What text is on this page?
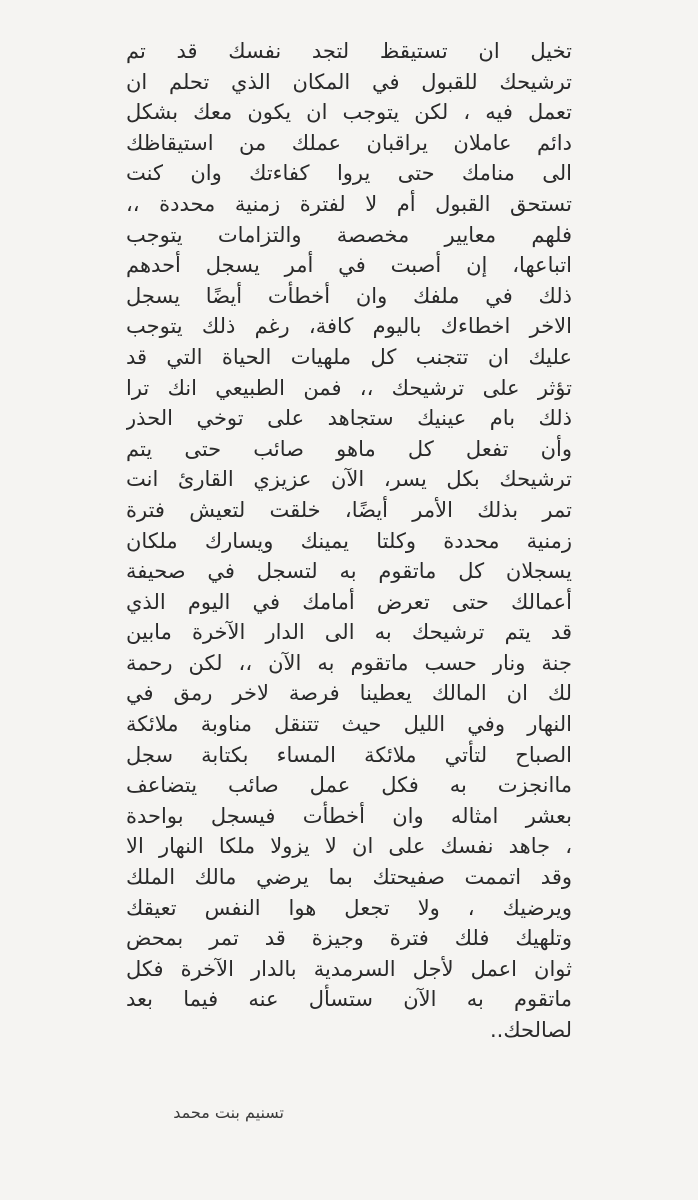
تخيل ان تستيقظ لتجد نفسك قد تم
ترشيحك للقبول في المكان الذي تحلم ان
تعمل فيه ، لكن يتوجب ان يكون معك بشكل
دائم عاملان يراقبان عملك من استيقاظك
الى منامك حتى يروا كفاءتك وان كنت
تستحق القبول أم لا لفترة زمنية محددة ،،
فلهم معايير مخصصة والتزامات يتوجب
اتباعها، إن أصبت في أمر يسجل أحدهم
ذلك في ملفك وان أخطأت أيضًا يسجل
الاخر اخطاءك باليوم كافة، رغم ذلك يتوجب
عليك ان تتجنب كل ملهيات الحياة التي قد
تؤثر على ترشيحك ،، فمن الطبيعي انك ترا
ذلك بام عينيك ستجاهد على توخي الحذر
وأن تفعل كل ماهو صائب حتى يتم
ترشيحك بكل يسر، الآن عزيزي القارئ انت
تمر بذلك الأمر أيضًا، خلقت لتعيش فترة
زمنية محددة وكلتا يمينك ويسارك ملكان
يسجلان كل ماتقوم به لتسجل في صحيفة
أعمالك حتى تعرض أمامك في اليوم الذي
قد يتم ترشيحك به الى الدار الآخرة مابين
جنة ونار حسب ماتقوم به الآن ،، لكن رحمة
لك ان المالك يعطينا فرصة لاخر رمق في
النهار وفي الليل حيث تتنقل مناوبة ملائكة
الصباح لتأتي ملائكة المساء بكتابة سجل
ماانجزت به فكل عمل صائب يتضاعف
بعشر امثاله وان أخطأت فيسجل بواحدة
، جاهد نفسك على ان لا يزولا ملكا النهار الا
وقد اتممت صفيحتك بما يرضي مالك الملك
ويرضيك ، ولا تجعل هوا النفس تعيقك
وتلهيك فلك فترة وجيزة قد تمر بمحض
ثوان اعمل لأجل السرمدية بالدار الآخرة فكل
ماتقوم به الآن ستسأل عنه فيما بعد
لصالحك..
تسنيم بنت محمد
